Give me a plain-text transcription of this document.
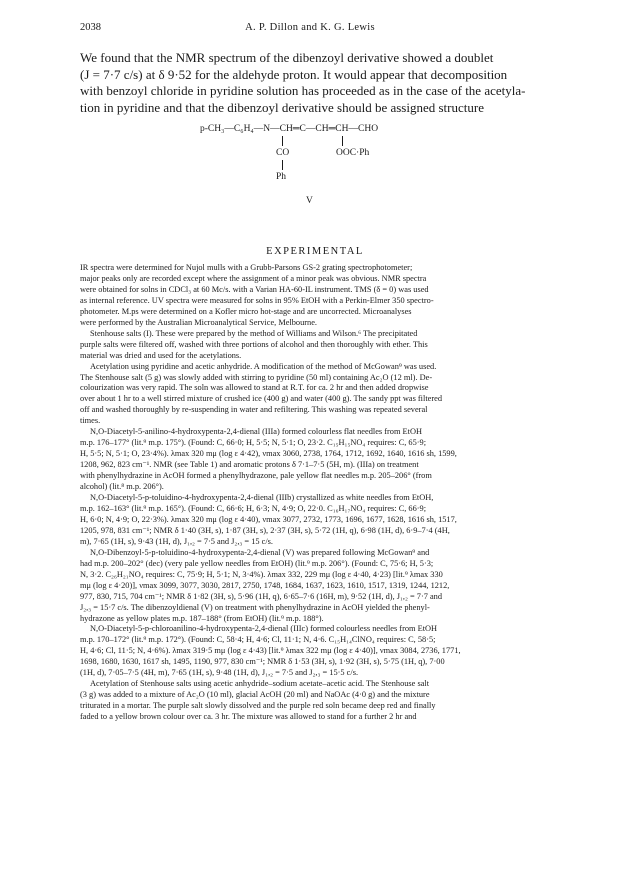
2038	A. P. Dillon and K. G. Lewis
We found that the NMR spectrum of the dibenzoyl derivative showed a doublet
(J = 7·7 c/s) at δ 9·52 for the aldehyde proton. It would appear that decomposition
with benzoyl chloride in pyridine solution has proceeded as in the case of the acetyla-
tion in pyridine and that the dibenzoyl derivative should be assigned structure
p-CH₃—C₆H₄—N—CH═C—CH═CH—CHO
CO	OOC·Ph
Ph
V
EXPERIMENTAL
IR spectra were determined for Nujol mulls with a Grubb-Parsons GS-2 grating spectrophotometer;
major peaks only are recorded except where the assignment of a minor peak was obvious. NMR spectra
were obtained for solns in CDCl₃ at 60 Mc/s. with a Varian HA-60-IL instrument. TMS (δ = 0) was used
as internal reference. UV spectra were measured for solns in 95% EtOH with a Perkin-Elmer 350 spectro-
photometer. M.ps were determined on a Kofler micro hot-stage and are uncorrected. Microanalyses
were performed by the Australian Microanalytical Service, Melbourne.
Stenhouse salts (I). These were prepared by the method of Williams and Wilson.⁶ The precipitated
purple salts were filtered off, washed with three portions of alcohol and then thoroughly with ether. This
material was dried and used for the acetylations.
Acetylation using pyridine and acetic anhydride. A modification of the method of McGowan⁹ was used.
The Stenhouse salt (5 g) was slowly added with stirring to pyridine (50 ml) containing Ac₂O (12 ml). De-
colourization was very rapid. The soln was allowed to stand at R.T. for ca. 2 hr and then added dropwise
over about 1 hr to a well stirred mixture of crushed ice (400 g) and water (400 g). The sandy ppt was filtered
off and washed thoroughly by re-suspending in water and refiltering. This washing was repeated several
times.
N,O-Diacetyl-5-anilino-4-hydroxypenta-2,4-dienal (IIIa) formed colourless flat needles from EtOH
m.p. 176–177° (lit.⁹ m.p. 175°). (Found: C, 66·0; H, 5·5; N, 5·1; O, 23·2. C₁₅H₁₅NO₄ requires: C, 65·9;
H, 5·5; N, 5·1; O, 23·4%). λmax 320 mμ (log ε 4·42), νmax 3060, 2738, 1764, 1712, 1692, 1640, 1616 sh, 1599,
1208, 962, 823 cm⁻¹. NMR (see Table 1) and aromatic protons δ 7·1–7·5 (5H, m). (IIIa) on treatment
with phenylhydrazine in AcOH formed a phenylhydrazone, pale yellow flat needles m.p. 205–206° (from
alcohol) (lit.⁸ m.p. 206°).
N,O-Diacetyl-5-p-toluidino-4-hydroxypenta-2,4-dienal (IIIb) crystallized as white needles from EtOH,
m.p. 162–163° (lit.⁹ m.p. 165°). (Found: C, 66·6; H, 6·3; N, 4·9; O, 22·0. C₁₆H₁₇NO₄ requires: C, 66·9;
H, 6·0; N, 4·9; O, 22·3%). λmax 320 mμ (log ε 4·40), νmax 3077, 2732, 1773, 1696, 1677, 1628, 1616 sh, 1517,
1205, 978, 831 cm⁻¹; NMR δ 1·40 (3H, s), 1·87 (3H, s), 2·37 (3H, s), 5·72 (1H, q), 6·98 (1H, d), 6·9–7·4 (4H,
m), 7·65 (1H, s), 9·43 (1H, d), J₁,₂ = 7·5 and J₂,₃ = 15 c/s.
N,O-Dibenzoyl-5-p-toluidino-4-hydroxypenta-2,4-dienal (V) was prepared following McGowan⁹ and
had m.p. 200–202° (dec) (very pale yellow needles from EtOH) (lit.⁹ m.p. 206°). (Found: C, 75·6; H, 5·3;
N, 3·2. C₂₆H₂₁NO₄ requires: C, 75·9; H, 5·1; N, 3·4%). λmax 332, 229 mμ (log ε 4·40, 4·23) [lit.⁹ λmax 330
mμ (log ε 4·20)], νmax 3099, 3077, 3030, 2817, 2750, 1748, 1684, 1637, 1623, 1610, 1517, 1319, 1244, 1212,
977, 830, 715, 704 cm⁻¹; NMR δ 1·82 (3H, s), 5·96 (1H, q), 6·65–7·6 (16H, m), 9·52 (1H, d), J₁,₂ = 7·7 and
J₂,₃ = 15·7 c/s. The dibenzoyldienal (V) on treatment with phenylhydrazine in AcOH yielded the phenyl-
hydrazone as yellow plates m.p. 187–188° (from EtOH) (lit.⁹ m.p. 188°).
N,O-Diacetyl-5-p-chloroanilino-4-hydroxypenta-2,4-dienal (IIIc) formed colourless needles from EtOH
m.p. 170–172° (lit.⁹ m.p. 172°). (Found: C, 58·4; H, 4·6; Cl, 11·1; N, 4·6. C₁₅H₁₄ClNO₄ requires: C, 58·5;
H, 4·6; Cl, 11·5; N, 4·6%). λmax 319·5 mμ (log ε 4·43) [lit.⁹ λmax 322 mμ (log ε 4·40)], νmax 3084, 2736, 1771,
1698, 1680, 1630, 1617 sh, 1495, 1190, 977, 830 cm⁻¹; NMR δ 1·53 (3H, s), 1·92 (3H, s), 5·75 (1H, q), 7·00
(1H, d), 7·05–7·5 (4H, m), 7·65 (1H, s), 9·48 (1H, d), J₁,₂ = 7·5 and J₂,₃ = 15·5 c/s.
Acetylation of Stenhouse salts using acetic anhydride–sodium acetate–acetic acid. The Stenhouse salt
(3 g) was added to a mixture of Ac₂O (10 ml), glacial AcOH (20 ml) and NaOAc (4·0 g) and the mixture
triturated in a mortar. The purple salt slowly dissolved and the purple red soln became deep red and finally
faded to a yellow brown colour over ca. 3 hr. The mixture was allowed to stand for a further 2 hr and
